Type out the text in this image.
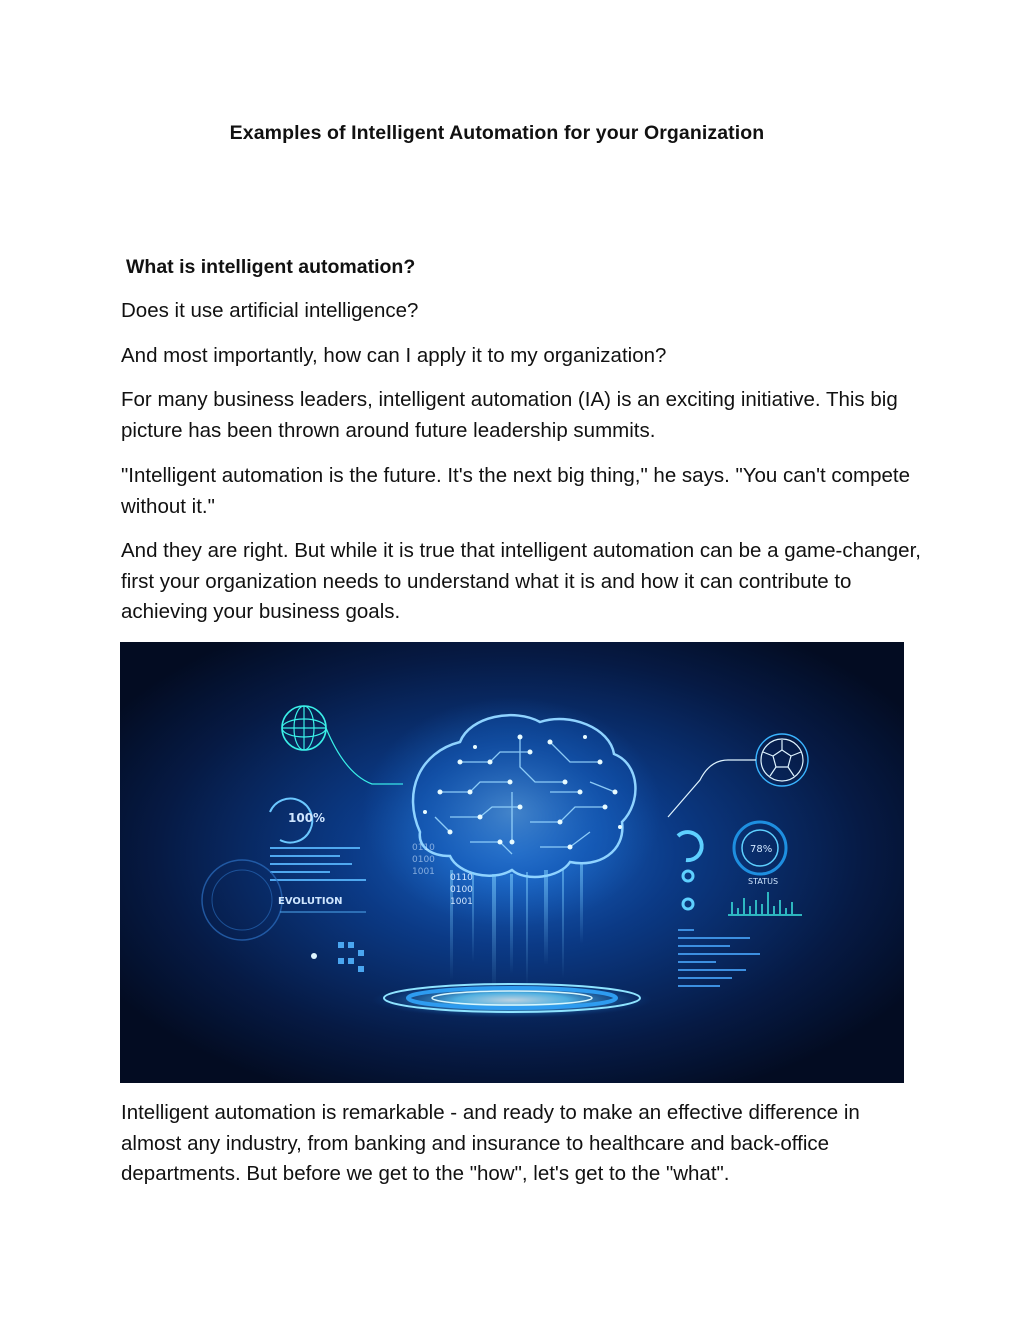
Examples of Intelligent Automation for your Organization
What is intelligent automation?

Does it use artificial intelligence?

And most importantly, how can I apply it to my organization?

For many business leaders, intelligent automation (IA) is an exciting initiative. This big picture has been thrown around future leadership summits.

"Intelligent automation is the future. It's the next big thing," he says. "You can't compete without it."

And they are right. But while it is true that intelligent automation can be a game-changer, first your organization needs to understand what it is and how it can contribute to achieving your business goals.

100%
EVOLUTION
78%
STATUS
0110
0100
1001
0110
0100
1001

Intelligent automation is remarkable - and ready to make an effective difference in almost any industry, from banking and insurance to healthcare and back-office departments. But before we get to the "how", let's get to the "what".
